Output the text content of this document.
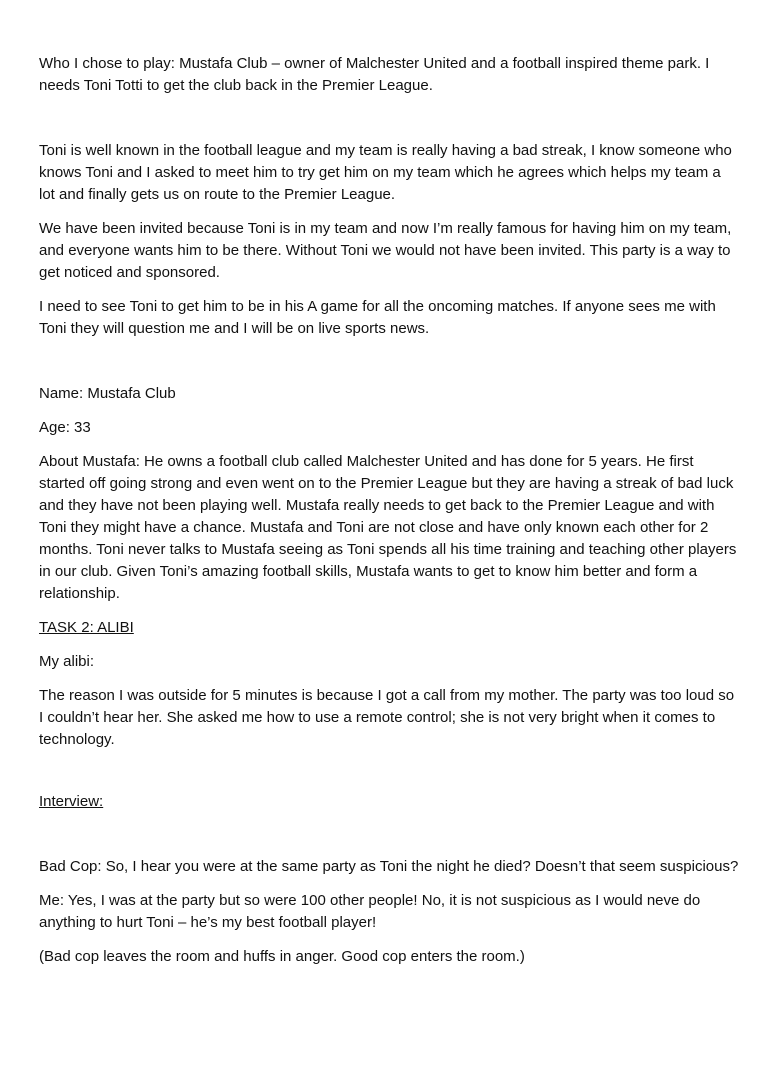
Who I chose to play: Mustafa Club – owner of Malchester United and a football inspired theme park. I needs Toni Totti to get the club back in the Premier League.

Toni is well known in the football league and my team is really having a bad streak, I know someone who knows Toni and I asked to meet him to try get him on my team which he agrees which helps my team a lot and finally gets us on route to the Premier League.

We have been invited because Toni is in my team and now I’m really famous for having him on my team, and everyone wants him to be there. Without Toni we would not have been invited. This party is a way to get noticed and sponsored.

I need to see Toni to get him to be in his A game for all the oncoming matches. If anyone sees me with Toni they will question me and I will be on live sports news.

Name: Mustafa Club

Age: 33

About Mustafa: He owns a football club called Malchester United and has done for 5 years. He first started off going strong and even went on to the Premier League but they are having a streak of bad luck and they have not been playing well. Mustafa really needs to get back to the Premier League and with Toni they might have a chance. Mustafa and Toni are not close and have only known each other for 2 months. Toni never talks to Mustafa seeing as Toni spends all his time training and teaching other players in our club. Given Toni’s amazing football skills, Mustafa wants to get to know him better and form a relationship.

TASK 2: ALIBI

My alibi:

The reason I was outside for 5 minutes is because I got a call from my mother. The party was too loud so I couldn’t hear her. She asked me how to use a remote control; she is not very bright when it comes to technology.

Interview:

Bad Cop: So, I hear you were at the same party as Toni the night he died? Doesn’t that seem suspicious?

Me: Yes, I was at the party but so were 100 other people! No, it is not suspicious as I would neve do anything to hurt Toni – he’s my best football player!

(Bad cop leaves the room and huffs in anger. Good cop enters the room.)
